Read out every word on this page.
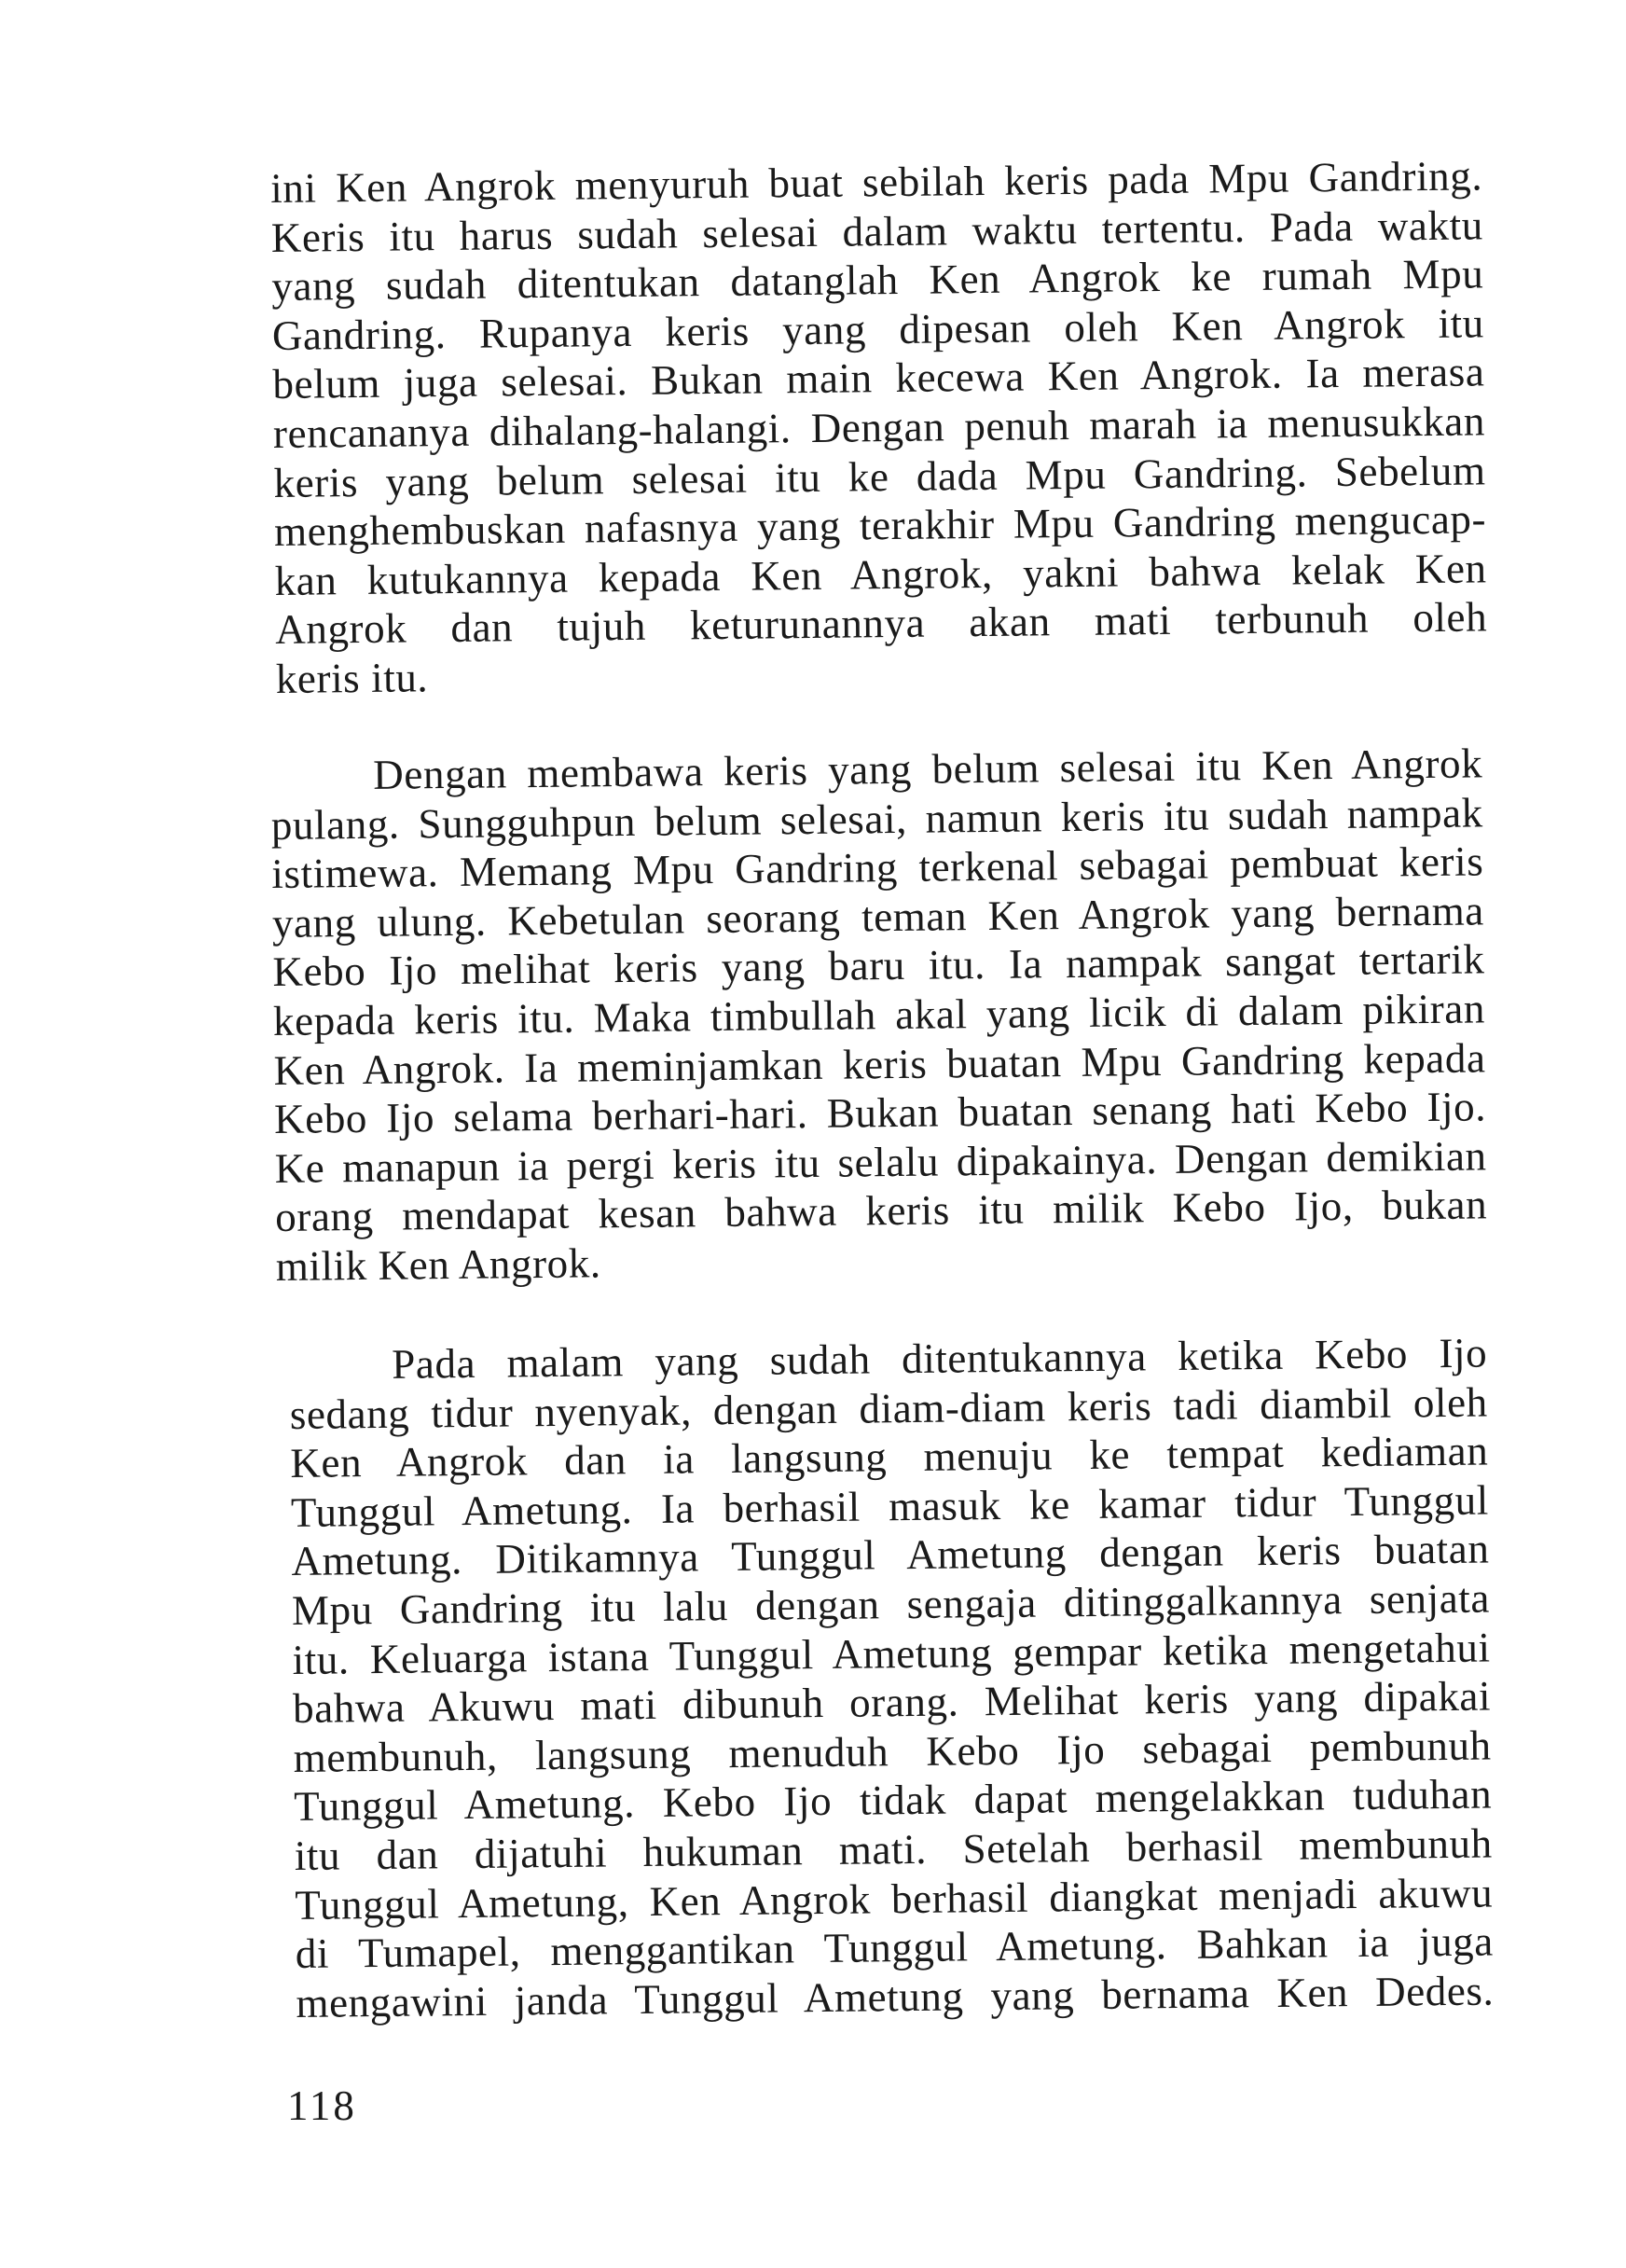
ini Ken Angrok menyuruh buat sebilah keris pada Mpu Gandring.
Keris itu harus sudah selesai dalam waktu tertentu. Pada waktu
yang sudah ditentukan datanglah Ken Angrok ke rumah Mpu
Gandring. Rupanya keris yang dipesan oleh Ken Angrok itu
belum juga selesai. Bukan main kecewa Ken Angrok. Ia merasa
rencananya dihalang-halangi. Dengan penuh marah ia menusukkan
keris yang belum selesai itu ke dada Mpu Gandring. Sebelum
menghembuskan nafasnya yang terakhir Mpu Gandring mengucap-
kan kutukannya kepada Ken Angrok, yakni bahwa kelak Ken
Angrok dan tujuh keturunannya akan mati terbunuh oleh
keris itu.
Dengan membawa keris yang belum selesai itu Ken Angrok
pulang. Sungguhpun belum selesai, namun keris itu sudah nampak
istimewa. Memang Mpu Gandring terkenal sebagai pembuat keris
yang ulung. Kebetulan seorang teman Ken Angrok yang bernama
Kebo Ijo melihat keris yang baru itu. Ia nampak sangat tertarik
kepada keris itu. Maka timbullah akal yang licik di dalam pikiran
Ken Angrok. Ia meminjamkan keris buatan Mpu Gandring kepada
Kebo Ijo selama berhari-hari. Bukan buatan senang hati Kebo Ijo.
Ke manapun ia pergi keris itu selalu dipakainya. Dengan demikian
orang mendapat kesan bahwa keris itu milik Kebo Ijo, bukan
milik Ken Angrok.
Pada malam yang sudah ditentukannya ketika Kebo Ijo
sedang tidur nyenyak, dengan diam-diam keris tadi diambil oleh
Ken Angrok dan ia langsung menuju ke tempat kediaman
Tunggul Ametung. Ia berhasil masuk ke kamar tidur Tunggul
Ametung. Ditikamnya Tunggul Ametung dengan keris buatan
Mpu Gandring itu lalu dengan sengaja ditinggalkannya senjata
itu. Keluarga istana Tunggul Ametung gempar ketika mengetahui
bahwa Akuwu mati dibunuh orang. Melihat keris yang dipakai
membunuh, langsung menuduh Kebo Ijo sebagai pembunuh
Tunggul Ametung. Kebo Ijo tidak dapat mengelakkan tuduhan
itu dan dijatuhi hukuman mati. Setelah berhasil membunuh
Tunggul Ametung, Ken Angrok berhasil diangkat menjadi akuwu
di Tumapel, menggantikan Tunggul Ametung. Bahkan ia juga
mengawini janda Tunggul Ametung yang bernama Ken Dedes.
118
